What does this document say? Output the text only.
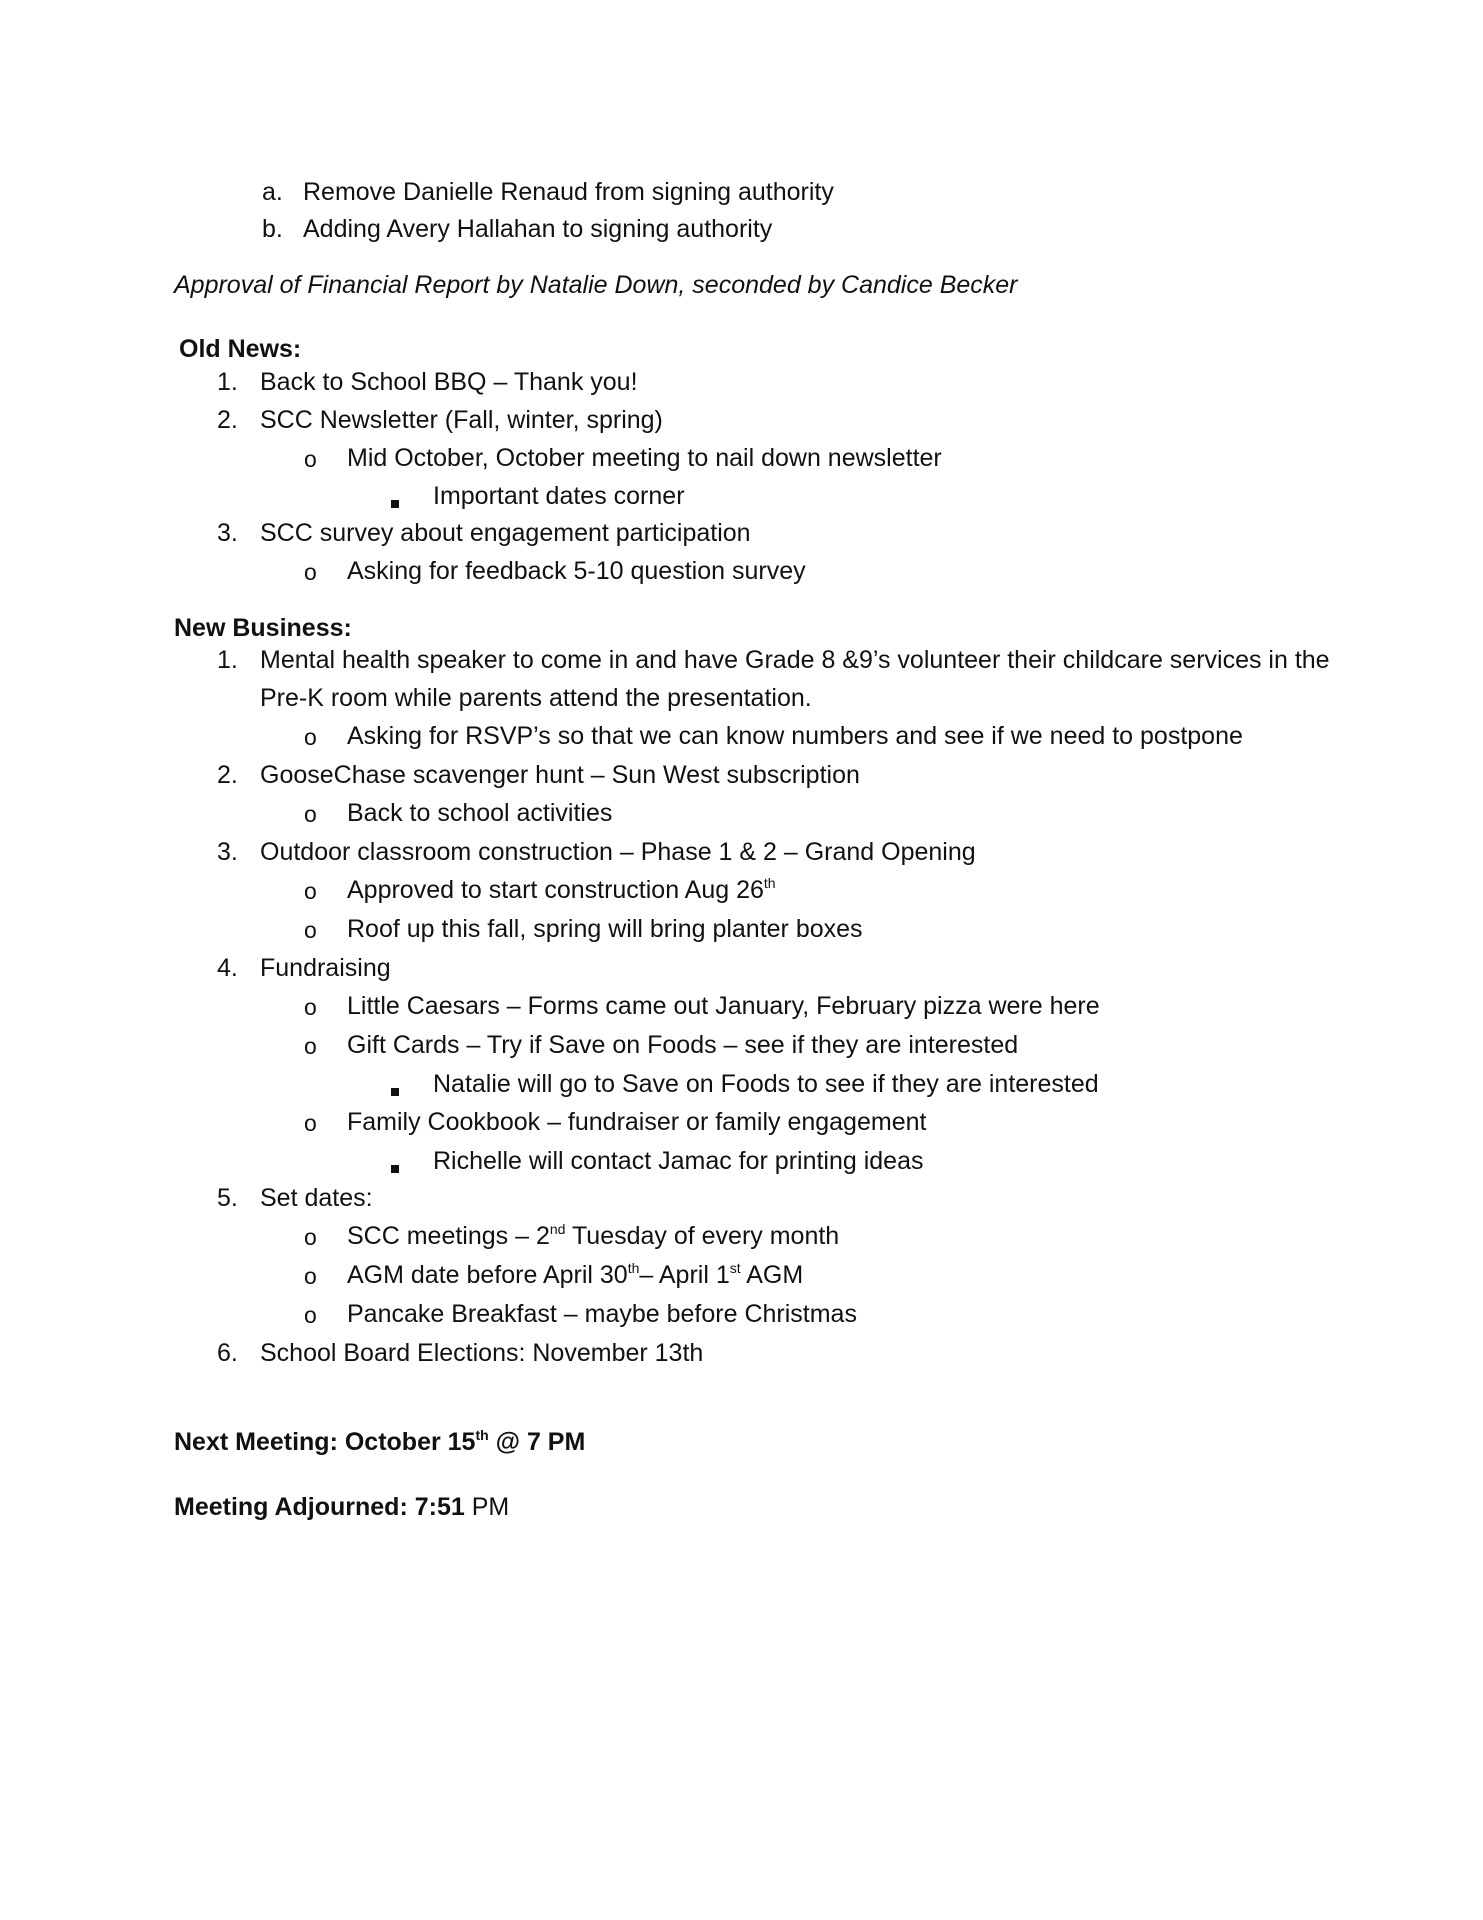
a. Remove Danielle Renaud from signing authority
b. Adding Avery Hallahan to signing authority
Approval of Financial Report by Natalie Down, seconded by Candice Becker
Old News:
1. Back to School BBQ – Thank you!
2. SCC Newsletter (Fall, winter, spring)
o Mid October, October meeting to nail down newsletter
Important dates corner
3. SCC survey about engagement participation
o Asking for feedback 5-10 question survey
New Business:
1. Mental health speaker to come in and have Grade 8 &9’s volunteer their childcare services in the
Pre-K room while parents attend the presentation.
o Asking for RSVP’s so that we can know numbers and see if we need to postpone
2. GooseChase scavenger hunt – Sun West subscription
o Back to school activities
3. Outdoor classroom construction – Phase 1 & 2 – Grand Opening
o Approved to start construction Aug 26th
o Roof up this fall, spring will bring planter boxes
4. Fundraising
o Little Caesars – Forms came out January, February pizza were here
o Gift Cards – Try if Save on Foods – see if they are interested
Natalie will go to Save on Foods to see if they are interested
o Family Cookbook – fundraiser or family engagement
Richelle will contact Jamac for printing ideas
5. Set dates:
o SCC meetings – 2nd Tuesday of every month
o AGM date before April 30th– April 1st AGM
o Pancake Breakfast – maybe before Christmas
6. School Board Elections: November 13th
Next Meeting: October 15th @ 7 PM
Meeting Adjourned: 7:51 PM
